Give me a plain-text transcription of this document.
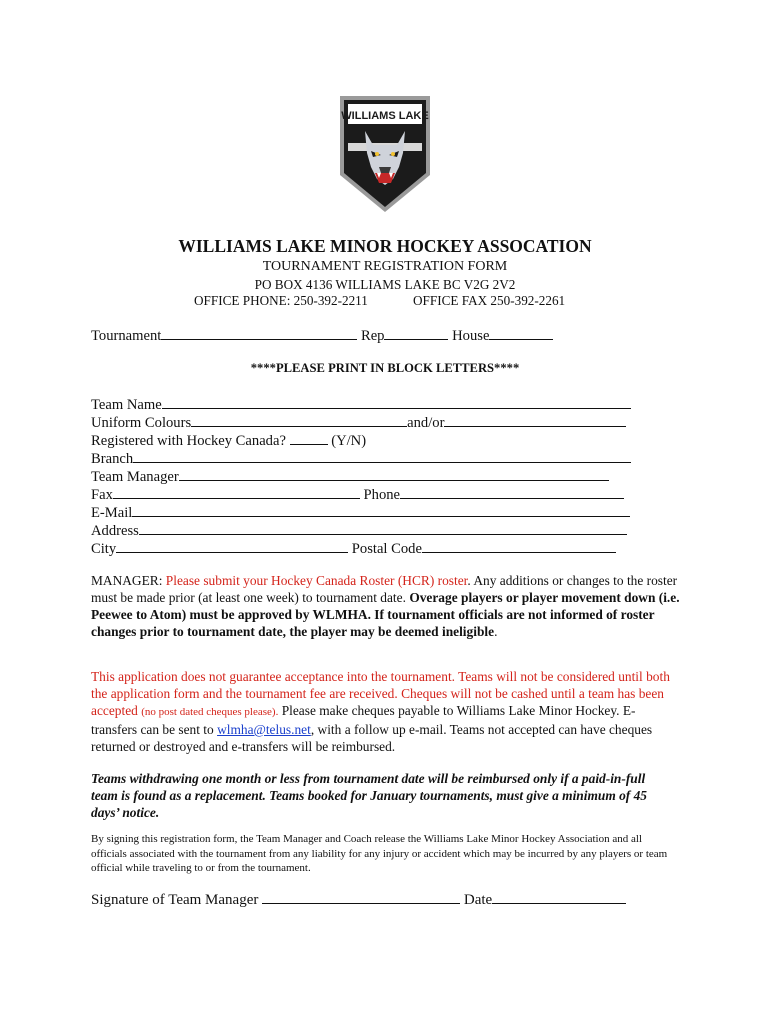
WILLIAMS LAKE
WILLIAMS LAKE MINOR HOCKEY ASSOCATION
TOURNAMENT REGISTRATION FORM
PO BOX 4136 WILLIAMS LAKE BC V2G 2V2
OFFICE PHONE: 250-392-2211	OFFICE FAX 250-392-2261
Tournament	Rep	House
****PLEASE PRINT IN BLOCK LETTERS****
Team Name
Uniform Colours	and/or
Registered with Hockey Canada?	(Y/N)
Branch
Team Manager
Fax	Phone
E-Mail
Address
City	Postal Code
MANAGER: Please submit your Hockey Canada Roster (HCR) roster. Any additions or changes to the roster must be made prior (at least one week) to tournament date. Overage players or player movement down (i.e. Peewee to Atom) must be approved by WLMHA. If tournament officials are not informed of roster changes prior to tournament date, the player may be deemed ineligible.
This application does not guarantee acceptance into the tournament. Teams will not be considered until both the application form and the tournament fee are received. Cheques will not be cashed until a team has been accepted (no post dated cheques please). Please make cheques payable to Williams Lake Minor Hockey. E-transfers can be sent to wlmha@telus.net, with a follow up e-mail. Teams not accepted can have cheques returned or destroyed and e-transfers will be reimbursed.
Teams withdrawing one month or less from tournament date will be reimbursed only if a paid-in-full team is found as a replacement. Teams booked for January tournaments, must give a minimum of 45 days’ notice.
By signing this registration form, the Team Manager and Coach release the Williams Lake Minor Hockey Association and all officials associated with the tournament from any liability for any injury or accident which may be incurred by any players or team official while traveling to or from the tournament.
Signature of Team Manager	Date
